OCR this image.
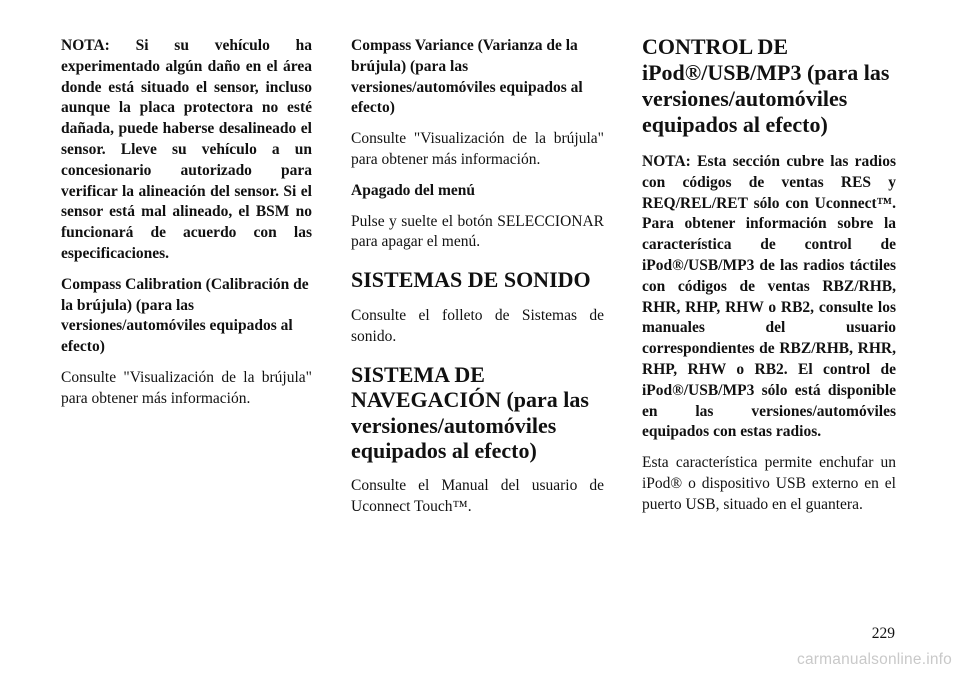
NOTA: Si su vehículo ha experimentado algún daño en el área donde está situado el sensor, incluso aunque la placa protectora no esté dañada, puede haberse desalineado el sensor. Lleve su vehículo a un concesionario autorizado para verificar la alineación del sensor. Si el sensor está mal alineado, el BSM no funcionará de acuerdo con las especificaciones.

Compass Calibration (Calibración de la brújula) (para las versiones/automóviles equipados al efecto)

Consulte "Visualización de la brújula" para obtener más información.

Compass Variance (Varianza de la brújula) (para las versiones/automóviles equipados al efecto)

Consulte "Visualización de la brújula" para obtener más información.

Apagado del menú

Pulse y suelte el botón SELECCIONAR para apagar el menú.

SISTEMAS DE SONIDO

Consulte el folleto de Sistemas de sonido.

SISTEMA DE NAVEGACIÓN (para las versiones/automóviles equipados al efecto)

Consulte el Manual del usuario de Uconnect Touch™.

CONTROL DE iPod®/USB/MP3 (para las versiones/automóviles equipados al efecto)

NOTA: Esta sección cubre las radios con códigos de ventas RES y REQ/REL/RET sólo con Uconnect™. Para obtener información sobre la característica de control de iPod®/USB/MP3 de las radios táctiles con códigos de ventas RBZ/RHB, RHR, RHP, RHW o RB2, consulte los manuales del usuario correspondientes de RBZ/RHB, RHR, RHP, RHW o RB2. El control de iPod®/USB/MP3 sólo está disponible en las versiones/automóviles equipados con estas radios.

Esta característica permite enchufar un iPod® o dispositivo USB externo en el puerto USB, situado en el guantera.

229
carmanualsonline.info
